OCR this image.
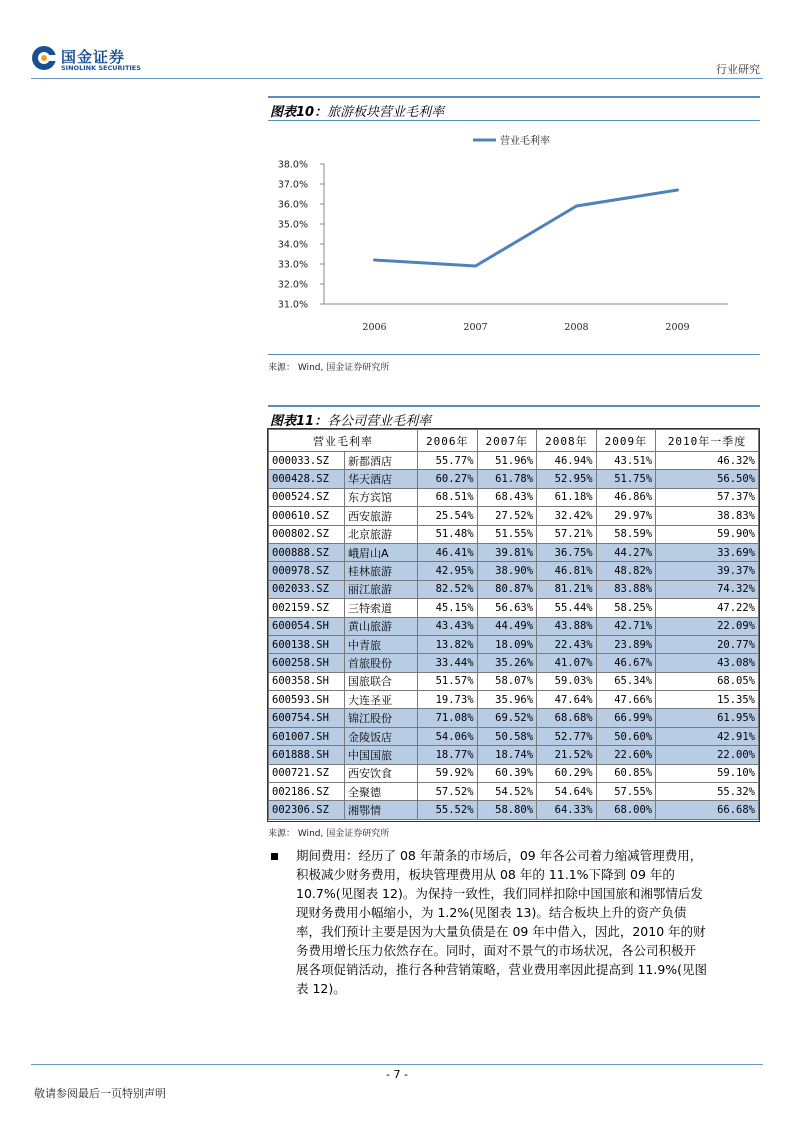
国金证券
SINOLINK SECURITIES	行业研究
图表10：旅游板块营业毛利率
31.0%
32.0%
33.0%
34.0%
35.0%
36.0%
37.0%
38.0%
2006	2007	2008	2009
营业毛利率
来源： Wind, 国金证券研究所
图表11：各公司营业毛利率
营业毛利率		2006年	2007年	2008年	2009年	2010年一季度
000033.SZ	新都酒店	55.77%	51.96%	46.94%	43.51%	46.32%
000428.SZ	华天酒店	60.27%	61.78%	52.95%	51.75%	56.50%
000524.SZ	东方宾馆	68.51%	68.43%	61.18%	46.86%	57.37%
000610.SZ	西安旅游	25.54%	27.52%	32.42%	29.97%	38.83%
000802.SZ	北京旅游	51.48%	51.55%	57.21%	58.59%	59.90%
000888.SZ	峨眉山A	46.41%	39.81%	36.75%	44.27%	33.69%
000978.SZ	桂林旅游	42.95%	38.90%	46.81%	48.82%	39.37%
002033.SZ	丽江旅游	82.52%	80.87%	81.21%	83.88%	74.32%
002159.SZ	三特索道	45.15%	56.63%	55.44%	58.25%	47.22%
600054.SH	黄山旅游	43.43%	44.49%	43.88%	42.71%	22.09%
600138.SH	中青旅	13.82%	18.09%	22.43%	23.89%	20.77%
600258.SH	首旅股份	33.44%	35.26%	41.07%	46.67%	43.08%
600358.SH	国旅联合	51.57%	58.07%	59.03%	65.34%	68.05%
600593.SH	大连圣亚	19.73%	35.96%	47.64%	47.66%	15.35%
600754.SH	锦江股份	71.08%	69.52%	68.68%	66.99%	61.95%
601007.SH	金陵饭店	54.06%	50.58%	52.77%	50.60%	42.91%
601888.SH	中国国旅	18.77%	18.74%	21.52%	22.60%	22.00%
000721.SZ	西安饮食	59.92%	60.39%	60.29%	60.85%	59.10%
002186.SZ	全聚德	57.52%	54.52%	54.64%	57.55%	55.32%
002306.SZ	湘鄂情	55.52%	58.80%	64.33%	68.00%	66.68%
来源： Wind, 国金证券研究所
期间费用：经历了 08 年萧条的市场后，09 年各公司着力缩减管理费用，
积极减少财务费用，板块管理费用从 08 年的 11.1%下降到 09 年的
10.7%(见图表 12)。为保持一致性，我们同样扣除中国国旅和湘鄂情后发
现财务费用小幅缩小，为 1.2%(见图表 13)。结合板块上升的资产负债
率，我们预计主要是因为大量负债是在 09 年中借入，因此，2010 年的财
务费用增长压力依然存在。同时，面对不景气的市场状况，各公司积极开
展各项促销活动，推行各种营销策略，营业费用率因此提高到 11.9%(见图
表 12)。
- 7 -
敬请参阅最后一页特别声明
